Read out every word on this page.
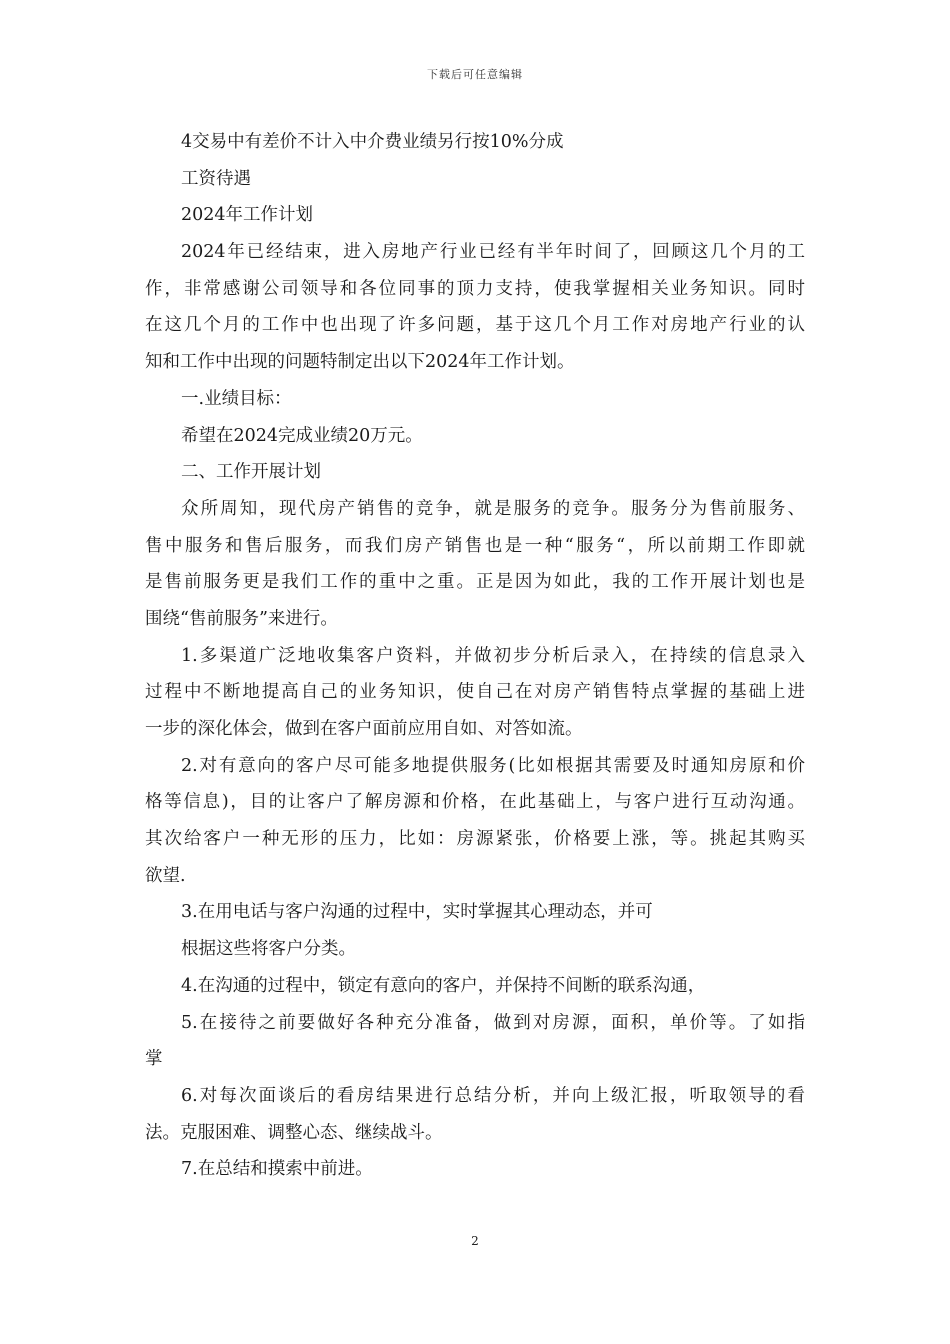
下载后可任意编辑
4交易中有差价不计入中介费业绩另行按10%分成
工资待遇
2024年工作计划
2024年已经结束，进入房地产行业已经有半年时间了，回顾这几个月的工
作，非常感谢公司领导和各位同事的顶力支持，使我掌握相关业务知识。同时
在这几个月的工作中也出现了许多问题，基于这几个月工作对房地产行业的认
知和工作中出现的问题特制定出以下2024年工作计划。
一.业绩目标：
希望在2024完成业绩20万元。
二、工作开展计划
众所周知，现代房产销售的竞争，就是服务的竞争。服务分为售前服务、
售中服务和售后服务，而我们房产销售也是一种“服务“，所以前期工作即就
是售前服务更是我们工作的重中之重。正是因为如此，我的工作开展计划也是
围绕“售前服务”来进行。
1.多渠道广泛地收集客户资料，并做初步分析后录入，在持续的信息录入
过程中不断地提高自己的业务知识，使自己在对房产销售特点掌握的基础上进
一步的深化体会，做到在客户面前应用自如、对答如流。
2.对有意向的客户尽可能多地提供服务(比如根据其需要及时通知房原和价
格等信息)，目的让客户了解房源和价格，在此基础上，与客户进行互动沟通。
其次给客户一种无形的压力，比如：房源紧张，价格要上涨，等。挑起其购买
欲望.
3.在用电话与客户沟通的过程中，实时掌握其心理动态，并可
根据这些将客户分类。
4.在沟通的过程中，锁定有意向的客户，并保持不间断的联系沟通，
5.在接待之前要做好各种充分准备，做到对房源，面积，单价等。了如指
掌
6.对每次面谈后的看房结果进行总结分析，并向上级汇报，听取领导的看
法。克服困难、调整心态、继续战斗。
7.在总结和摸索中前进。
2
